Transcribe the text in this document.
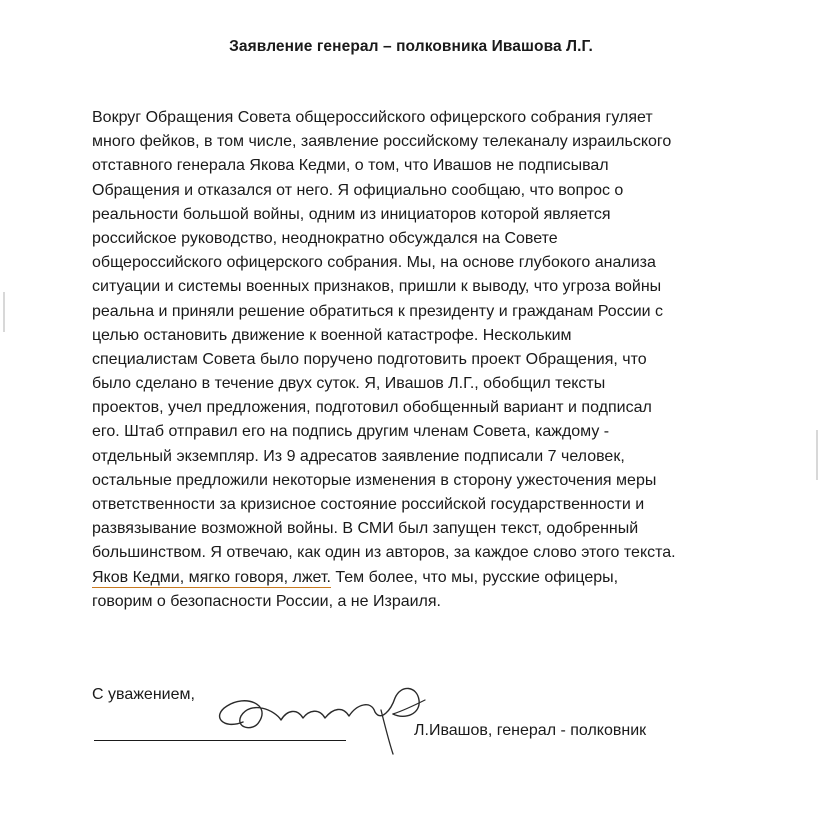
Заявление генерал – полковника Ивашова Л.Г.
Вокруг Обращения Совета общероссийского офицерского собрания гуляет
много фейков, в том числе, заявление российскому телеканалу израильского
отставного генерала Якова Кедми, о том, что Ивашов не подписывал
Обращения и отказался от него. Я официально сообщаю, что вопрос о
реальности большой войны, одним из инициаторов которой является
российское руководство, неоднократно обсуждался на Совете
общероссийского офицерского собрания. Мы, на основе глубокого анализа
ситуации и системы военных признаков, пришли к выводу, что угроза войны
реальна и приняли решение обратиться к президенту и гражданам России с
целью остановить движение к военной катастрофе. Нескольким
специалистам Совета было поручено подготовить проект Обращения, что
было сделано в течение двух суток. Я, Ивашов Л.Г., обобщил тексты
проектов, учел предложения, подготовил обобщенный вариант и подписал
его. Штаб отправил его на подпись другим членам Совета, каждому -
отдельный экземпляр. Из 9 адресатов заявление подписали 7 человек,
остальные предложили некоторые изменения в сторону ужесточения меры
ответственности за кризисное состояние российской государственности и
развязывание возможной войны. В СМИ был запущен текст, одобренный
большинством. Я отвечаю, как один из авторов, за каждое слово этого текста.
Яков Кедми, мягко говоря, лжет. Тем более, что мы, русские офицеры,
говорим о безопасности России, а не Израиля.
С уважением,
Л.Ивашов, генерал - полковник
